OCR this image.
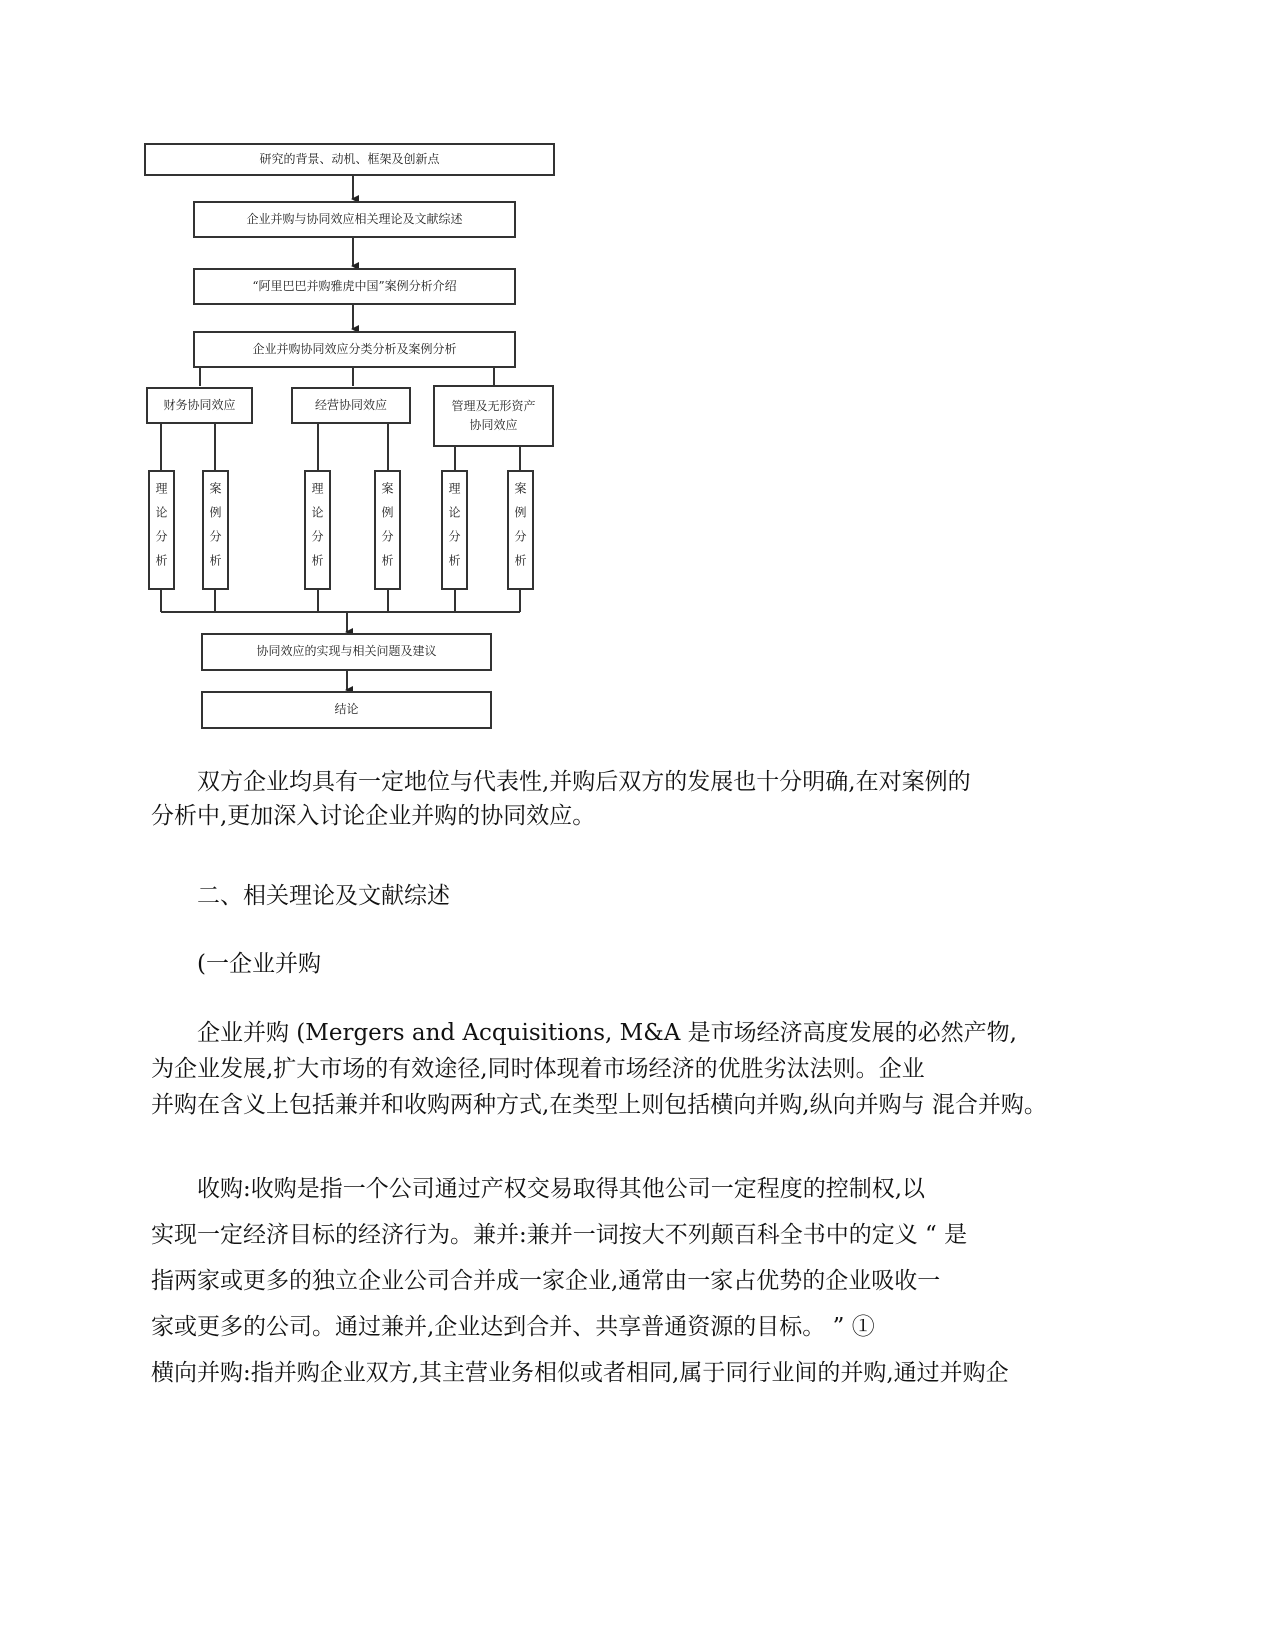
研究的背景、动机、框架及创新点
企业并购与协同效应相关理论及文献综述
“阿里巴巴并购雅虎中国”案例分析介绍
企业并购协同效应分类分析及案例分析
财务协同效应	经营协同效应	管理及无形资产协同效应
理论分析	案例分析	理论分析	案例分析	理论分析	案例分析
协同效应的实现与相关问题及建议
结论
双方企业均具有一定地位与代表性,并购后双方的发展也十分明确,在对案例的
分析中,更加深入讨论企业并购的协同效应。
二、相关理论及文献综述
(一企业并购
企业并购 (Mergers and Acquisitions, M&A 是市场经济高度发展的必然产物,
为企业发展,扩大市场的有效途径,同时体现着市场经济的优胜劣汰法则。企业
并购在含义上包括兼并和收购两种方式,在类型上则包括横向并购,纵向并购与 混合并购。
收购:收购是指一个公司通过产权交易取得其他公司一定程度的控制权,以
实现一定经济目标的经济行为。兼并:兼并一词按大不列颠百科全书中的定义 “ 是
指两家或更多的独立企业公司合并成一家企业,通常由一家占优势的企业吸收一
家或更多的公司。通过兼并,企业达到合并、共享普通资源的目标。 ” ①
横向并购:指并购企业双方,其主营业务相似或者相同,属于同行业间的并购,通过并购企
